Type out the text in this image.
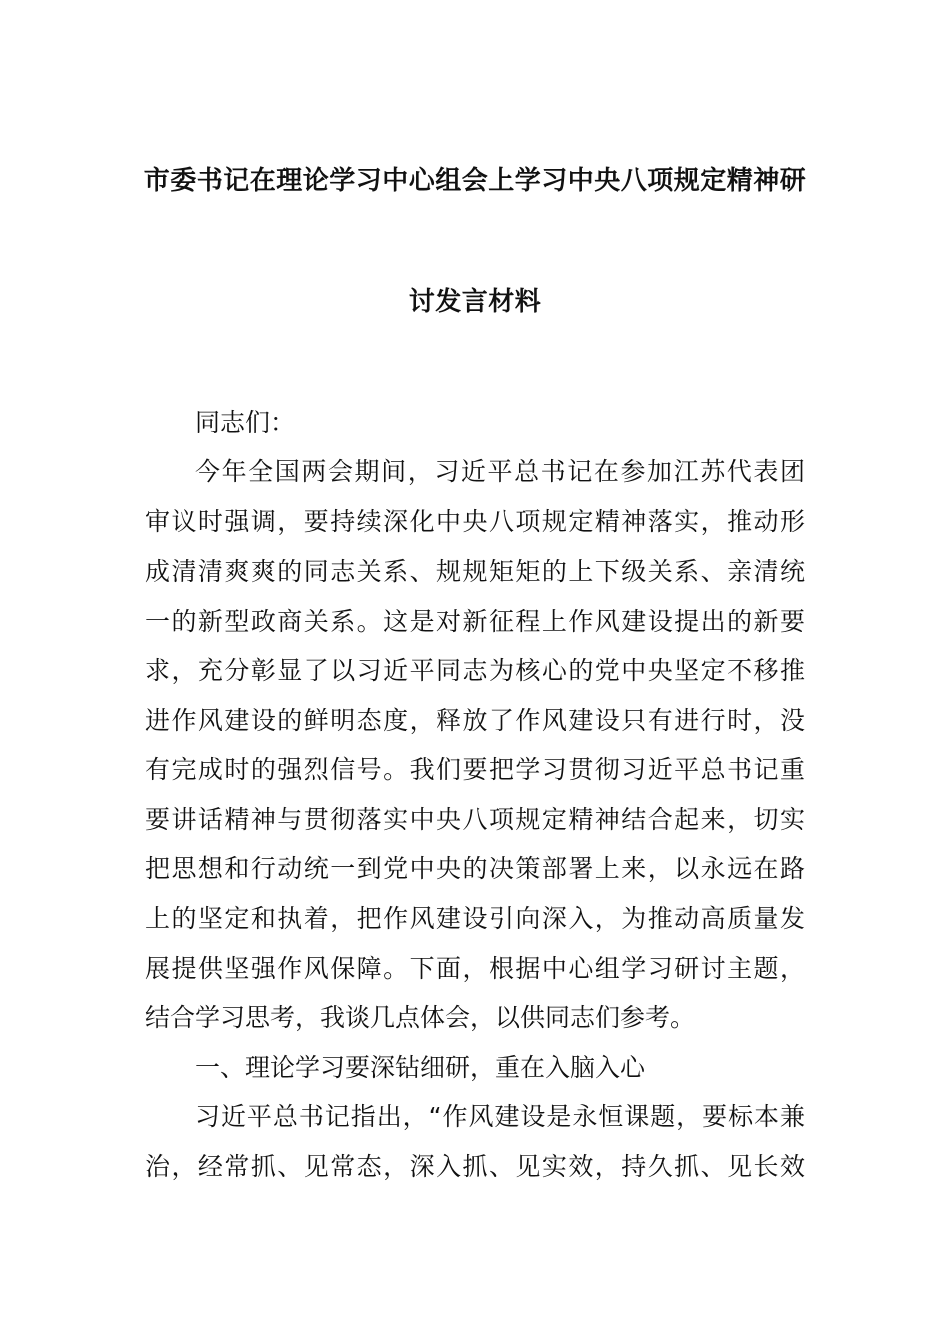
市委书记在理论学习中心组会上学习中央八项规定精神研
讨发言材料
同志们：
今年全国两会期间，习近平总书记在参加江苏代表团
审议时强调，要持续深化中央八项规定精神落实，推动形
成清清爽爽的同志关系、规规矩矩的上下级关系、亲清统
一的新型政商关系。这是对新征程上作风建设提出的新要
求，充分彰显了以习近平同志为核心的党中央坚定不移推
进作风建设的鲜明态度，释放了作风建设只有进行时，没
有完成时的强烈信号。我们要把学习贯彻习近平总书记重
要讲话精神与贯彻落实中央八项规定精神结合起来，切实
把思想和行动统一到党中央的决策部署上来，以永远在路
上的坚定和执着，把作风建设引向深入，为推动高质量发
展提供坚强作风保障。下面，根据中心组学习研讨主题，
结合学习思考，我谈几点体会，以供同志们参考。
一、理论学习要深钻细研，重在入脑入心
习近平总书记指出，“作风建设是永恒课题，要标本兼
治，经常抓、见常态，深入抓、见实效，持久抓、见长效
